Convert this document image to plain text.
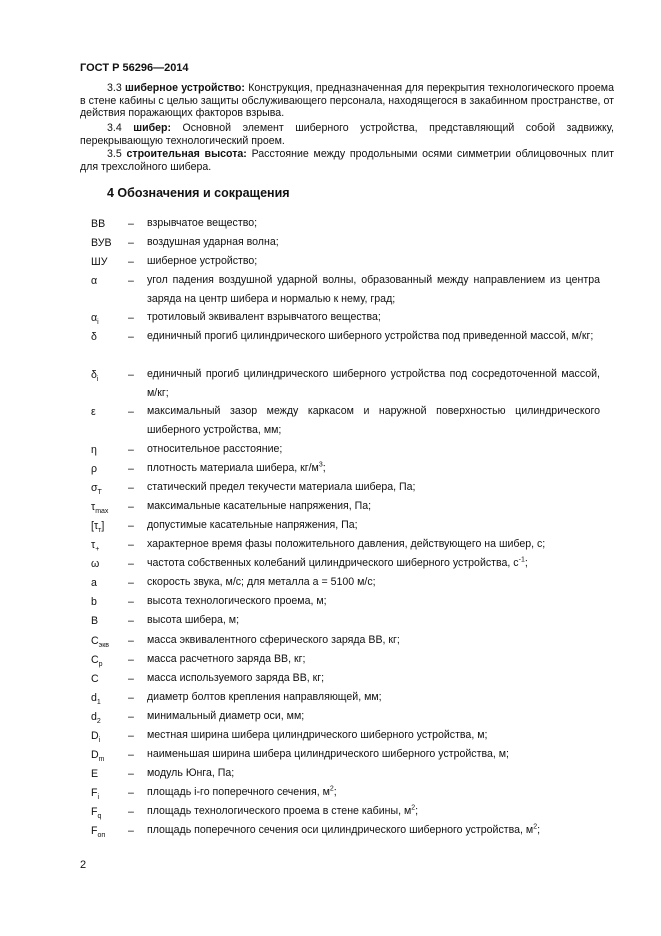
ГОСТ Р 56296—2014
3.3 шиберное устройство: Конструкция, предназначенная для перекрытия технологического проема в стене кабины с целью защиты обслуживающего персонала, находящегося в закабинном пространстве, от действия поражающих факторов взрыва.
3.4 шибер: Основной элемент шиберного устройства, представляющий собой задвижку, перекрывающую технологический проем.
3.5 строительная высота: Расстояние между продольными осями симметрии облицовочных плит для трехслойного шибера.
4 Обозначения и сокращения
ВВ – взрывчатое вещество;
ВУВ – воздушная ударная волна;
ШУ – шиберное устройство;
α	– угол падения воздушной ударной волны, образованный между направлением из центра заряда на центр шибера и нормалью к нему, град;
$\alpha_i$	– тротиловый эквивалент взрывчатого вещества;
δ	– единичный прогиб цилиндрического шиберного устройства под приведенной массой, м/кг;
$\delta_i$	– единичный прогиб цилиндрического шиберного устройства под сосредоточенной массой, м/кг;
ε	– максимальный зазор между каркасом и наружной поверхностью цилиндрического шиберного устройства, мм;
η	– относительное расстояние;
ρ	– плотность материала шибера, $кг/м^3$;
$\sigma_Т$ – статический предел текучести материала шибера, Па;
$\tau_{max}$ – максимальные касательные напряжения, Па;
$[\tau_т]$ – допустимые касательные напряжения, Па;
$\tau_+$	– характерное время фазы положительного давления, действующего на шибер, с;
ω	– частота собственных колебаний цилиндрического шиберного устройства, $с^{-1}$;
a	– скорость звука, м/с; для металла a = 5100 м/с;
b	– высота технологического проема, м;
B	– высота шибера, м;
$C_{экв}$ – масса эквивалентного сферического заряда ВВ, кг;
$C_р$ – масса расчетного заряда ВВ, кг;
C	– масса используемого заряда ВВ, кг;
$d_1$	– диаметр болтов крепления направляющей, мм;
$d_2$	– минимальный диаметр оси, мм;
$D_i$	– местная ширина шибера цилиндрического шиберного устройства, м;
$D_m$ – наименьшая ширина шибера цилиндрического шиберного устройства, м;
E	– модуль Юнга, Па;
$F_i$	– площадь i-го поперечного сечения, $м^2$;
$F_q$	– площадь технологического проема в стене кабины, $м^2$;
$F_{оп}$ – площадь поперечного сечения оси цилиндрического шиберного устройства, $м^2$;
2
